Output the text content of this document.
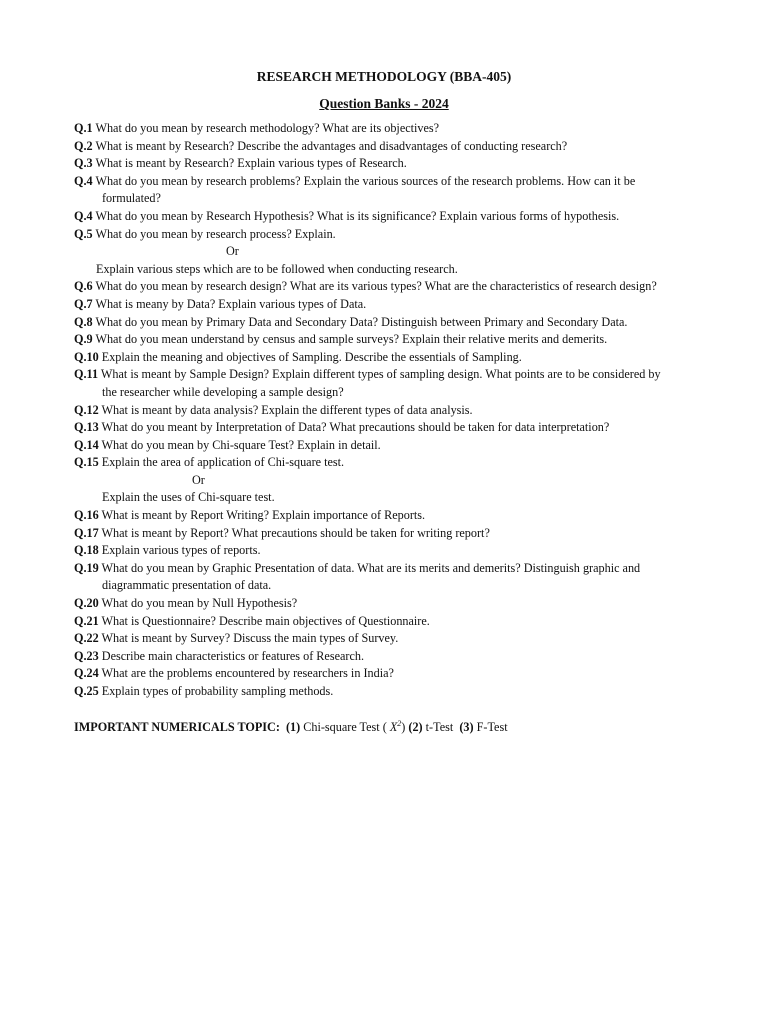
RESEARCH METHODOLOGY (BBA-405)
Question Banks - 2024
Q.1 What do you mean by research methodology? What are its objectives?
Q.2 What is meant by Research? Describe the advantages and disadvantages of conducting research?
Q.3 What is meant by Research? Explain various types of Research.
Q.4 What do you mean by research problems? Explain the various sources of the research problems. How can it be
formulated?
Q.4 What do you mean by Research Hypothesis? What is its significance? Explain various forms of hypothesis.
Q.5 What do you mean by research process? Explain.
Or
Explain various steps which are to be followed when conducting research.
Q.6 What do you mean by research design? What are its various types? What are the characteristics of research design?
Q.7 What is meany by Data? Explain various types of Data.
Q.8 What do you mean by Primary Data and Secondary Data? Distinguish between Primary and Secondary Data.
Q.9 What do you mean understand by census and sample surveys? Explain their relative merits and demerits.
Q.10 Explain the meaning and objectives of Sampling. Describe the essentials of Sampling.
Q.11 What is meant by Sample Design? Explain different types of sampling design. What points are to be considered by
the researcher while developing a sample design?
Q.12 What is meant by data analysis? Explain the different types of data analysis.
Q.13 What do you meant by Interpretation of Data? What precautions should be taken for data interpretation?
Q.14 What do you mean by Chi-square Test? Explain in detail.
Q.15 Explain the area of application of Chi-square test.
Or
Explain the uses of Chi-square test.
Q.16 What is meant by Report Writing? Explain importance of Reports.
Q.17 What is meant by Report? What precautions should be taken for writing report?
Q.18 Explain various types of reports.
Q.19 What do you mean by Graphic Presentation of data. What are its merits and demerits? Distinguish graphic and
diagrammatic presentation of data.
Q.20 What do you mean by Null Hypothesis?
Q.21 What is Questionnaire? Describe main objectives of Questionnaire.
Q.22 What is meant by Survey? Discuss the main types of Survey.
Q.23 Describe main characteristics or features of Research.
Q.24 What are the problems encountered by researchers in India?
Q.25 Explain types of probability sampling methods.
IMPORTANT NUMERICALS TOPIC: (1) Chi-square Test ( $X^2$) (2) t-Test (3) F-Test
